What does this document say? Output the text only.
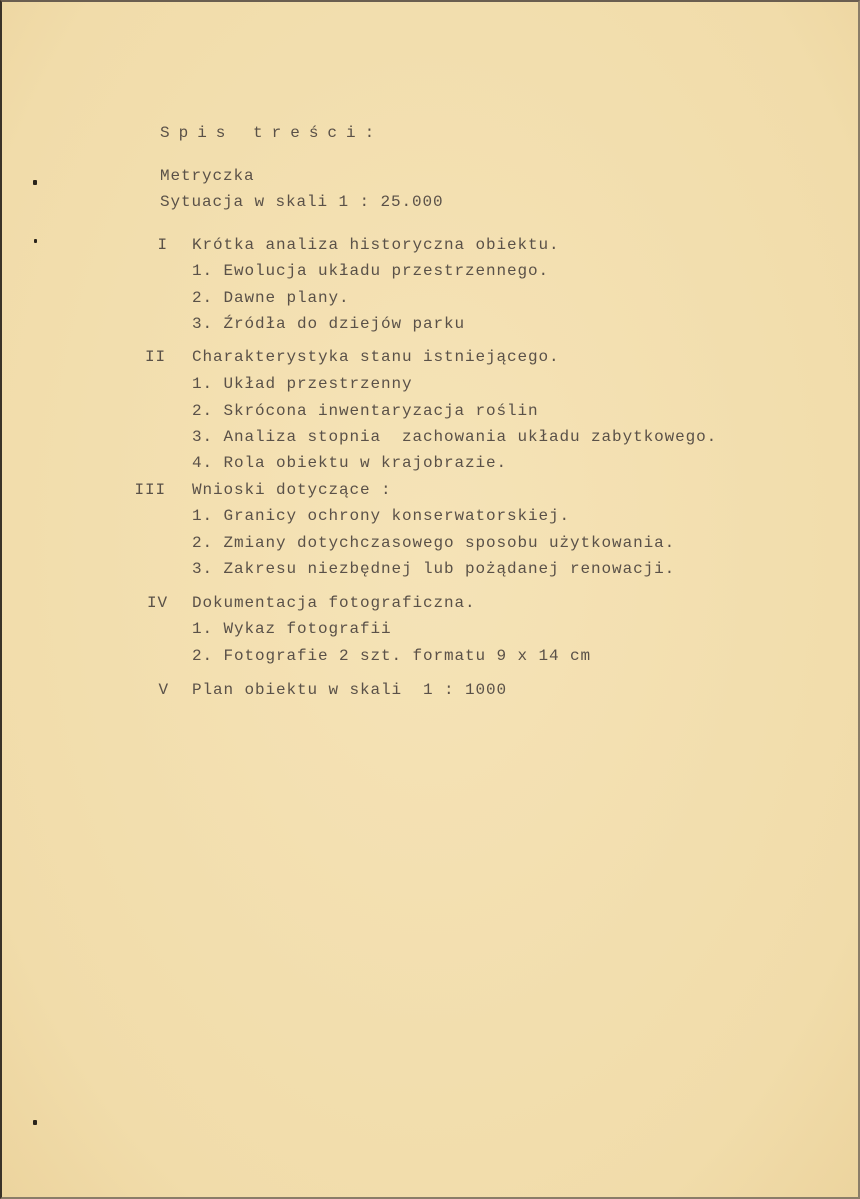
Spis treści:
Metryczka
Sytuacja w skali 1 : 25.000
I Krótka analiza historyczna obiektu.
1. Ewolucja układu przestrzennego.
2. Dawne plany.
3. Źródła do dziejów parku
II Charakterystyka stanu istniejącego.
1. Układ przestrzenny
2. Skrócona inwentaryzacja roślin
3. Analiza stopnia  zachowania układu zabytkowego.
4. Rola obiektu w krajobrazie.
III Wnioski dotyczące :
1. Granicy ochrony konserwatorskiej.
2. Zmiany dotychczasowego sposobu użytkowania.
3. Zakresu niezbędnej lub pożądanej renowacji.
IV Dokumentacja fotograficzna.
1. Wykaz fotografii
2. Fotografie 2 szt. formatu 9 x 14 cm
V Plan obiektu w skali  1 : 1000
